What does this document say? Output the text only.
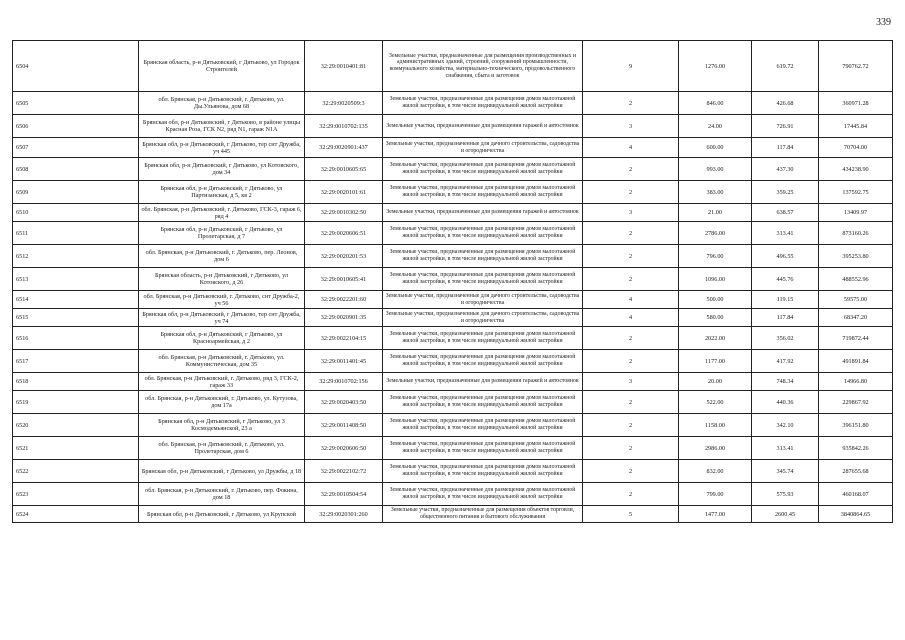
339
6504	Брянская область, р-н Дятьковский, г Дятьково, ул Городок Строителей	32:29:0010401:81	Земельные участки, предназначенные для размещения производственных и административных зданий, строений, сооружений промышленности, коммунального хозяйства, материально-технического, продовольственного снабжения, сбыта и заготовок	9	1276.00	619.72	790762.72
6505	обл. Брянская, р-н Дятьковский, г. Дятьково, ул. Ды.Ульянова, дом 68	32:29:0020509:3	Земельные участки, предназначенные для размещения домов малоэтажной жилой застройки, в том числе индивидуальной жилой застройки	2	846.00	426.68	360971.28
6506	Брянская обл, р-н Дятьковский, г Дятьково, в районе улицы Красная Роза, ГСК N2, ряд N1, гараж N1А	32:29:0010702:135	Земельные участки, предназначенные для размещения гаражей и автостоянок	3	24.00	726.91	17445.84
6507	Брянская обл, р-н Дятьковский, г Дятьково, тер снт Дружба, уч 445	32:29:0020901:437	Земельные участки, предназначенные для дачного строительства, садоводства и огородничества	4	600.00	117.84	70704.00
6508	Брянская обл, р-н Дятьковский, г Дятьково, ул Котовского, дом 34	32:29:0010605:65	Земельные участки, предназначенные для размещения домов малоэтажной жилой застройки, в том числе индивидуальной жилой застройки	2	993.00	437.30	434238.90
6509	Брянская обл, р-н Дятьковский, г Дятьково, ул Партизанская, д 5, кв 2	32:29:0020101:61	Земельные участки, предназначенные для размещения домов малоэтажной жилой застройки, в том числе индивидуальной жилой застройки	2	383.00	359.25	137592.75
6510	обл. Брянская, р-н Дятьковский, г. Дятьково, ГСК-3, гараж 6, ряд 4	32:29:0010302:50	Земельные участки, предназначенные для размещения гаражей и автостоянок	3	21.00	638.57	13409.97
6511	Брянская обл, р-н Дятьковский, г Дятьково, ул Пролетарская, д 7	32:29:0020606:51	Земельные участки, предназначенные для размещения домов малоэтажной жилой застройки, в том числе индивидуальной жилой застройки	2	2786.00	313.41	873160.26
6512	обл. Брянская, р-н Дятьковский, г. Дятьково, пер. Леонов, дом 6	32:29:0020201:53	Земельные участки, предназначенные для размещения домов малоэтажной жилой застройки, в том числе индивидуальной жилой застройки	2	796.00	496.55	395253.80
6513	Брянская область, р-н Дятьковский, г Дятьково, ул Котовского, д 26	32:29:0010605:41	Земельные участки, предназначенные для размещения домов малоэтажной жилой застройки, в том числе индивидуальной жилой застройки	2	1096.00	445.76	488552.96
6514	обл. Брянская, р-н Дятьковский, г. Дятьково, снт Дружба-2, уч 56	32:29:0022201:60	Земельные участки, предназначенные для дачного строительства, садоводства и огородничества	4	500.00	119.15	59575.00
6515	Брянская обл, р-н Дятьковский, г Дятьково, тер снт Дружба, уч 74	32:29:0020901:35	Земельные участки, предназначенные для дачного строительства, садоводства и огородничества	4	580.00	117.84	68347.20
6516	Брянская обл, р-н Дятьковский, г Дятьково, ул Красноармейская, д 2	32:29:0022104:15	Земельные участки, предназначенные для размещения домов малоэтажной жилой застройки, в том числе индивидуальной жилой застройки	2	2022.00	356.02	719872.44
6517	обл. Брянская, р-н Дятьковский, г. Дятьково, ул. Коммунистическая, дом 35	32:29:0011401:45	Земельные участки, предназначенные для размещения домов малоэтажной жилой застройки, в том числе индивидуальной жилой застройки	2	1177.00	417.92	491891.84
6518	обл. Брянская, р-н Дятьковский, г. Дятьково, ряд 3, ГСК-2, гараж 33	32:29:0010702:156	Земельные участки, предназначенные для размещения гаражей и автостоянок	3	20.00	748.34	14966.80
6519	обл. Брянская, р-н Дятьковский, г. Дятьково, ул. Кутузова, дом 17а	32:29:0020403:50	Земельные участки, предназначенные для размещения домов малоэтажной жилой застройки, в том числе индивидуальной жилой застройки	2	522.00	440.36	229867.92
6520	Брянская обл, р-н Дятьковский, г Дятьково, ул З Космодемьянской, 23 а	32:29:0011408:50	Земельные участки, предназначенные для размещения домов малоэтажной жилой застройки, в том числе индивидуальной жилой застройки	2	1158.00	342.10	396151.80
6521	обл. Брянская, р-н Дятьковский, г. Дятьково, ул. Пролетарская, дом 6	32:29:0020606:50	Земельные участки, предназначенные для размещения домов малоэтажной жилой застройки, в том числе индивидуальной жилой застройки	2	2986.00	313.41	935842.26
6522	Брянская обл, р-н Дятьковский, г Дятьково, ул Дружбы, д 18	32:29:0022102:72	Земельные участки, предназначенные для размещения домов малоэтажной жилой застройки, в том числе индивидуальной жилой застройки	2	832.00	345.74	287655.68
6523	обл. Брянская, р-н Дятьковский, г. Дятьково, пер. Фокина, дом 18	32:29:0010504:54	Земельные участки, предназначенные для размещения домов малоэтажной жилой застройки, в том числе индивидуальной жилой застройки	2	799.00	575.93	460168.07
6524	Брянская обл, р-н Дятьковский, г Дятьково, ул Крупской	32:29:0020301:260	Земельные участки, предназначенные для размещения объектов торговли, общественного питания и бытового обслуживания	5	1477.00	2600.45	3840864.65
